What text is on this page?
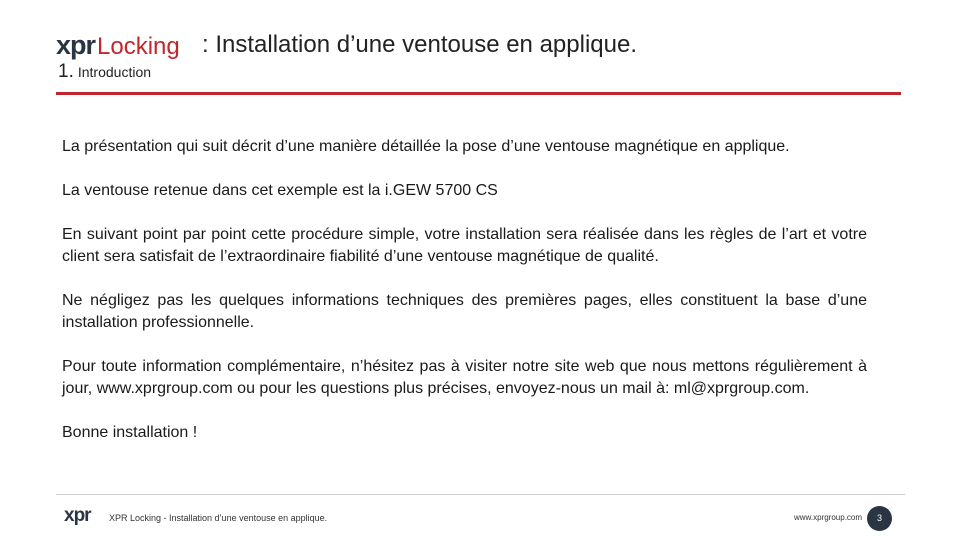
xprLocking : Installation d’une ventouse en applique.
1. Introduction

La présentation qui suit décrit d’une manière détaillée la pose d’une ventouse magnétique en applique.

La ventouse retenue dans cet exemple est la i.GEW 5700 CS

En suivant point par point cette procédure simple, votre installation sera réalisée dans les règles de l’art et votre client sera satisfait de l’extraordinaire fiabilité d’une ventouse magnétique de qualité.

Ne négligez pas les quelques informations techniques des premières pages, elles constituent la base d’une installation professionnelle.

Pour toute information complémentaire, n’hésitez pas à visiter notre site web que nous mettons régulièrement à jour, www.xprgroup.com ou pour les questions plus précises, envoyez-nous un mail à: ml@xprgroup.com.

Bonne installation !

xpr XPR Locking - Installation d’une ventouse en applique.	www.xprgroup.com	3
